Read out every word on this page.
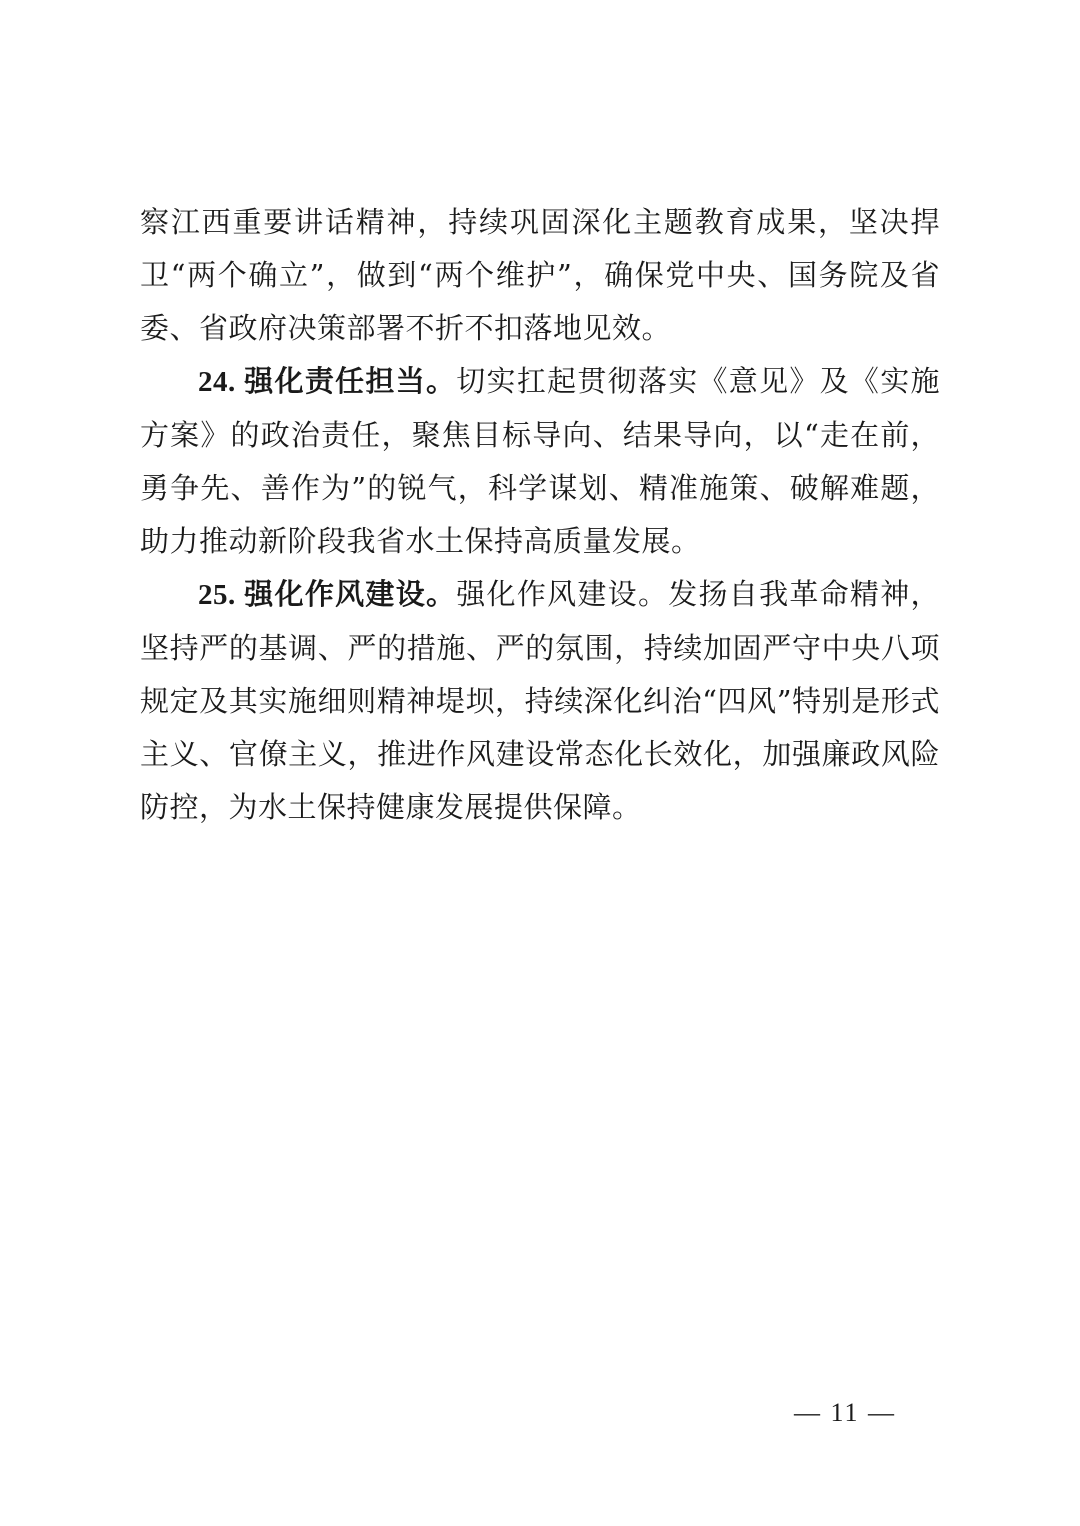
察江西重要讲话精神，持续巩固深化主题教育成果，坚决捍卫“两个确立”，做到“两个维护”，确保党中央、国务院及省委、省政府决策部署不折不扣落地见效。

24. 强化责任担当。切实扛起贯彻落实《意见》及《实施方案》的政治责任，聚焦目标导向、结果导向，以“走在前，勇争先、善作为”的锐气，科学谋划、精准施策、破解难题，助力推动新阶段我省水土保持高质量发展。

25. 强化作风建设。强化作风建设。发扬自我革命精神，坚持严的基调、严的措施、严的氛围，持续加固严守中央八项规定及其实施细则精神堤坝，持续深化纠治“四风”特别是形式主义、官僚主义，推进作风建设常态化长效化，加强廉政风险防控，为水土保持健康发展提供保障。

— 11 —
